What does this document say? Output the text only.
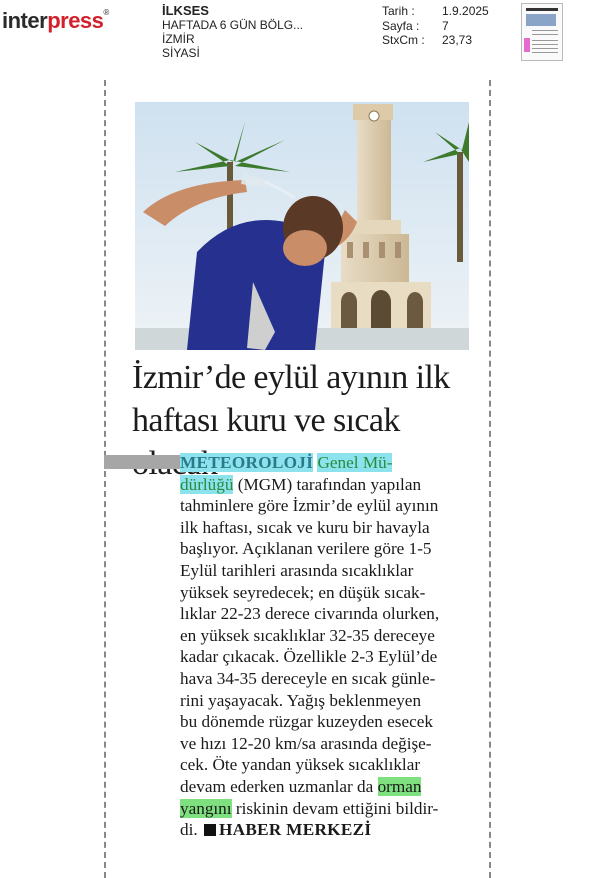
interpress®	İLKSES
HAFTADA 6 GÜN BÖLG...
İZMİR
SİYASİ
Tarih :	1.9.2025
Sayfa :	7
StxCm :	23,73
İzmir’de eylül ayının ilk
haftası kuru ve sıcak
METEOROLOJİ Genel Mü-
dürlüğü (MGM) tarafından yapılan
tahminlere göre İzmir’de eylül ayının
ilk haftası, sıcak ve kuru bir havayla
başlıyor. Açıklanan verilere göre 1-5
Eylül tarihleri arasında sıcaklıklar
yüksek seyredecek; en düşük sıcak-
lıklar 22-23 derece civarında olurken,
en yüksek sıcaklıklar 32-35 dereceye
kadar çıkacak. Özellikle 2-3 Eylül’de
hava 34-35 dereceyle en sıcak günle-
rini yaşayacak. Yağış beklenmeyen
bu dönemde rüzgar kuzeyden esecek
ve hızı 12-20 km/sa arasında değişe-
cek. Öte yandan yüksek sıcaklıklar
devam ederken uzmanlar da orman
yangını riskinin devam ettiğini bildir-
di. HABER MERKEZİ
